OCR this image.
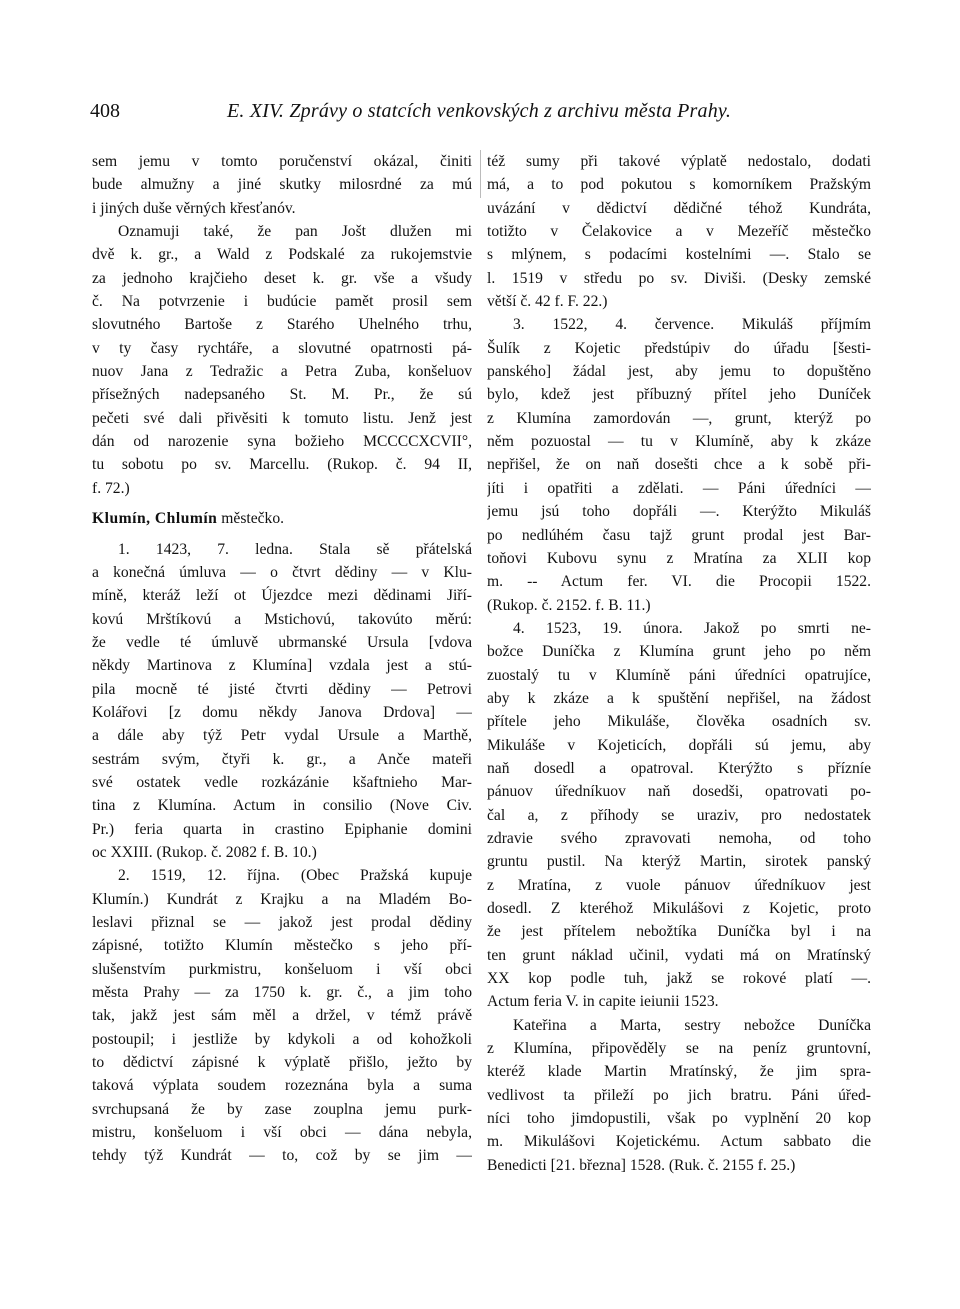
408	E. XIV. Zprávy o statcích venkovských z archivu města Prahy.
sem jemu v tomto poručenství okázal, činiti
bude almužny a jiné skutky milosrdné za mú
i jiných duše věrných křesťanóv.
Oznamuji také, že pan Jošt dlužen mi
dvě k. gr., a Wald z Podskalé za rukojemstvie
za jednoho krajčieho deset k. gr. vše a všudy
č. Na potvrzenie i budúcie pamět prosil sem
slovutného Bartoše z Starého Uhelného trhu,
v ty časy rychtáře, a slovutné opatrnosti pá-
nuov Jana z Tedražic a Petra Zuba, konšeluov
přísežných nadepsaného St. M. Pr., že sú
pečeti své dali přivěsiti k tomuto listu. Jenž jest
dán od narozenie syna božieho MCCCCXCVII°,
tu sobotu po sv. Marcellu. (Rukop. č. 94 II,
f. 72.)
Klumín, Chlumín městečko.
1. 1423, 7. ledna. Stala sě přátelská
a konečná úmluva — o čtvrt dědiny — v Klu-
míně, kteráž leží ot Újezdce mezi dědinami Jiří-
kovú Mrštíkovú a Mstichovú, takovúto měrú:
že vedle té úmluvě ubrmanské Ursula [vdova
někdy Martinova z Klumína] vzdala jest a stú-
pila mocně té jisté čtvrti dědiny — Petrovi
Kolářovi [z domu někdy Janova Drdova] —
a dále aby týž Petr vydal Ursule a Marthě,
sestrám svým, čtyři k. gr., a Anče mateři
své ostatek vedle rozkázánie kšaftnieho Mar-
tina z Klumína. Actum in consilio (Nove Civ.
Pr.) feria quarta in crastino Epiphanie domini
oc XXIII. (Rukop. č. 2082 f. B. 10.)
2. 1519, 12. října. (Obec Pražská kupuje
Klumín.) Kundrát z Krajku a na Mladém Bo-
leslavi přiznal se — jakož jest prodal dědiny
zápisné, totižto Klumín městečko s jeho pří-
slušenstvím purkmistru, konšeluom i vší obci
města Prahy — za 1750 k. gr. č., a jim toho
tak, jakž jest sám měl a držel, v témž právě
postoupil; i jestliže by kdykoli a od kohožkoli
to dědictví zápisné k výplatě přišlo, ježto by
taková výplata soudem rozeznána byla a suma
svrchupsaná že by zase zouplna jemu purk-
mistru, konšeluom i vší obci — dána nebyla,
tehdy týž Kundrát — to, což by se jim —
též sumy při takové výplatě nedostalo, dodati
má, a to pod pokutou s komorníkem Pražským
uvázání v dědictví dědičné téhož Kundráta,
totižto v Čelakovice a v Mezeříč městečko
s mlýnem, s podacími kostelními —. Stalo se
l. 1519 v středu po sv. Diviši. (Desky zemské
větší č. 42 f. F. 22.)
3. 1522, 4. července. Mikuláš příjmím
Šulík z Kojetic předstúpiv do úřadu [šesti-
panského] žádal jest, aby jemu to dopuštěno
bylo, kdež jest příbuzný přítel jeho Duníček
z Klumína zamordován —, grunt, kterýž po
něm pozuostal — tu v Klumíně, aby k zkáze
nepřišel, že on naň dosešti chce a k sobě při-
jíti i opatřiti a zdělati. — Páni úředníci —
jemu jsú toho dopřáli —. Kterýžto Mikuláš
po nedlúhém času tajž grunt prodal jest Bar-
toňovi Kubovu synu z Mratína za XLII kop
m. -- Actum fer. VI. die Procopii 1522.
(Rukop. č. 2152. f. B. 11.)
4. 1523, 19. února. Jakož po smrti ne-
božce Duníčka z Klumína grunt jeho po něm
zuostalý tu v Klumíně páni úředníci opatrujíce,
aby k zkáze a k spuštění nepřišel, na žádost
přítele jeho Mikuláše, člověka osadních sv.
Mikuláše v Kojeticích, dopřáli sú jemu, aby
naň dosedl a opatroval. Kterýžto s přízníe
pánuov úředníkuov naň dosedši, opatrovati po-
čal a, z příhody se uraziv, pro nedostatek
zdravie svého zpravovati nemoha, od toho
gruntu pustil. Na kterýž Martin, sirotek panský
z Mratína, z vuole pánuov úředníkuov jest
dosedl. Z kteréhož Mikulášovi z Kojetic, proto
že jest přítelem nebožtíka Duníčka byl i na
ten grunt náklad učinil, vydati má on Mratínský
XX kop podle tuh, jakž se rokové platí —.
Actum feria V. in capite ieiunii 1523.
Kateřina a Marta, sestry nebožce Duníčka
z Klumína, připověděly se na peníz gruntovní,
kteréž klade Martin Mratínský, že jim spra-
vedlivost ta přileží po jich bratru. Páni úřed-
níci toho jimdopustili, však po vyplnění 20 kop
m. Mikulášovi Kojetickému. Actum sabbato die
Benedicti [21. března] 1528. (Ruk. č. 2155 f. 25.)
